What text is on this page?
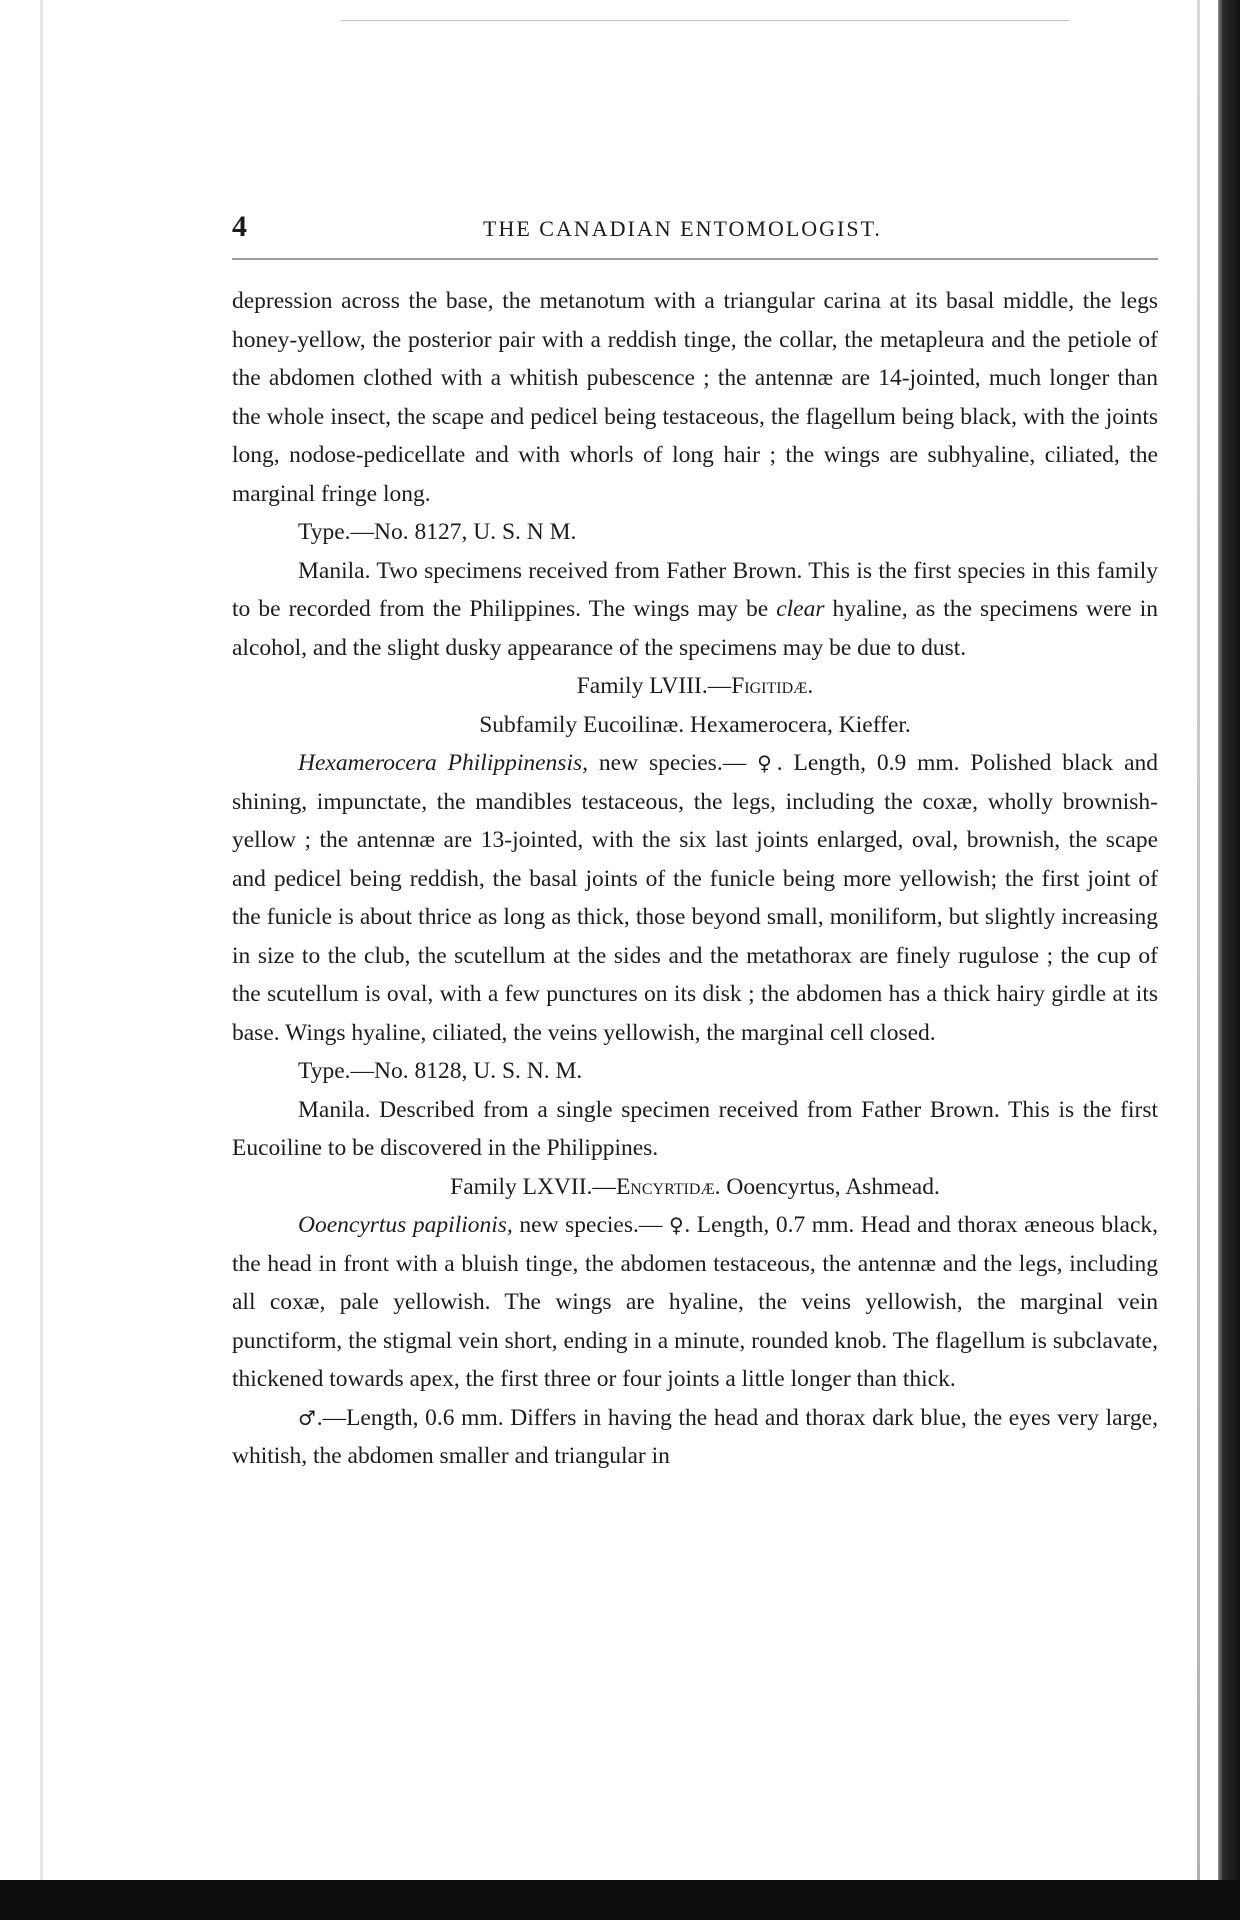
4	THE CANADIAN ENTOMOLOGIST.

depression across the base, the metanotum with a triangular carina at its basal middle, the legs honey-yellow, the posterior pair with a reddish tinge, the collar, the metapleura and the petiole of the abdomen clothed with a whitish pubescence ; the antennæ are 14-jointed, much longer than the whole insect, the scape and pedicel being testaceous, the flagellum being black, with the joints long, nodose-pedicellate and with whorls of long hair ; the wings are subhyaline, ciliated, the marginal fringe long.

Type.—No. 8127, U. S. N M.

Manila. Two specimens received from Father Brown. This is the first species in this family to be recorded from the Philippines. The wings may be clear hyaline, as the specimens were in alcohol, and the slight dusky appearance of the specimens may be due to dust.

Family LVIII.—Figitidæ.

Subfamily Eucoilinæ. Hexamerocera, Kieffer.

Hexamerocera Philippinensis, new species.— ♀. Length, 0.9 mm. Polished black and shining, impunctate, the mandibles testaceous, the legs, including the coxæ, wholly brownish-yellow ; the antennæ are 13-jointed, with the six last joints enlarged, oval, brownish, the scape and pedicel being reddish, the basal joints of the funicle being more yellowish; the first joint of the funicle is about thrice as long as thick, those beyond small, moniliform, but slightly increasing in size to the club, the scutellum at the sides and the metathorax are finely rugulose ; the cup of the scutellum is oval, with a few punctures on its disk ; the abdomen has a thick hairy girdle at its base. Wings hyaline, ciliated, the veins yellowish, the marginal cell closed.

Type.—No. 8128, U. S. N. M.

Manila. Described from a single specimen received from Father Brown. This is the first Eucoiline to be discovered in the Philippines.

Family LXVII.—Encyrtidæ. Ooencyrtus, Ashmead.

Ooencyrtus papilionis, new species.— ♀. Length, 0.7 mm. Head and thorax æneous black, the head in front with a bluish tinge, the abdomen testaceous, the antennæ and the legs, including all coxæ, pale yellowish. The wings are hyaline, the veins yellowish, the marginal vein punctiform, the stigmal vein short, ending in a minute, rounded knob. The flagellum is subclavate, thickened towards apex, the first three or four joints a little longer than thick.

♂.—Length, 0.6 mm. Differs in having the head and thorax dark blue, the eyes very large, whitish, the abdomen smaller and triangular in
